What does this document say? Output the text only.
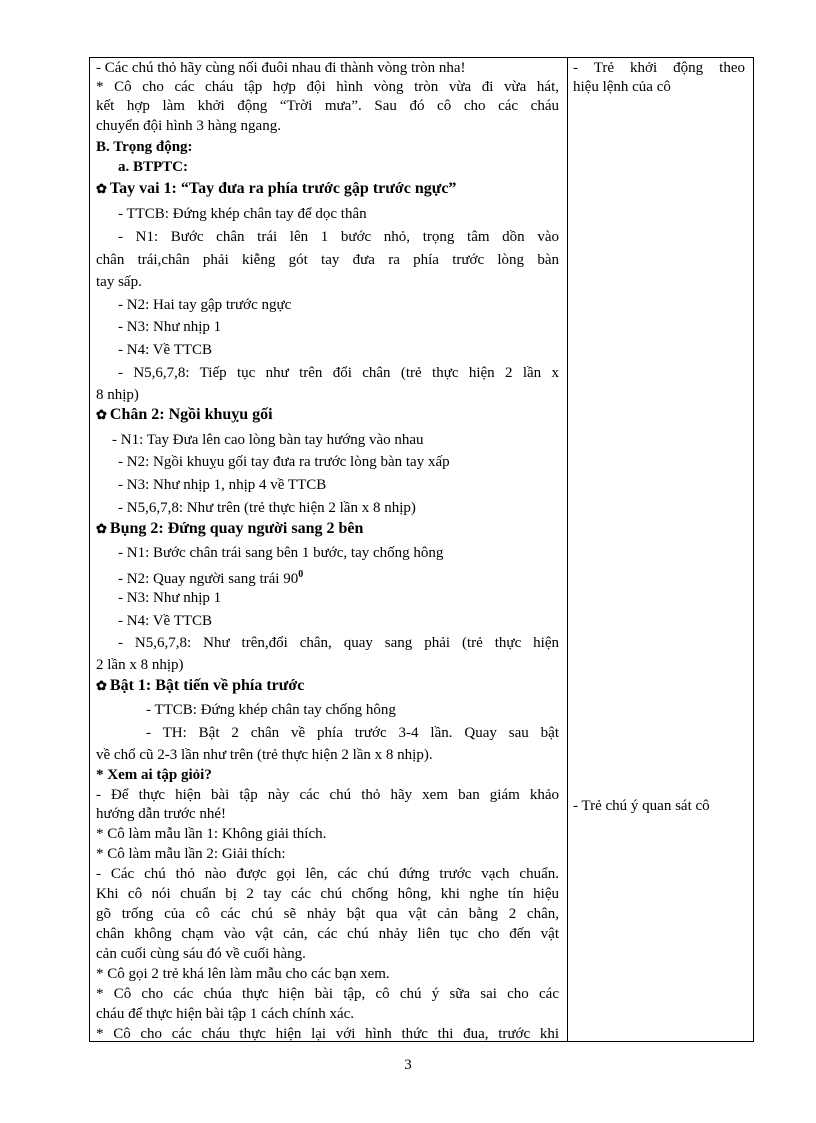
- Các chú thỏ hãy cùng nối đuôi nhau đi thành vòng tròn nha!
* Cô cho các cháu tập hợp đội hình vòng tròn vừa đi vừa hát,
kết hợp làm khởi động “Trời mưa”. Sau đó cô cho các cháu
chuyển đội hình 3 hàng ngang.
B. Trọng động:
a. BTPTC:
✿ Tay vai 1: “Tay đưa ra phía trước gập trước ngực”
- TTCB: Đứng khép chân tay để dọc thân
- N1: Bước chân trái lên 1 bước nhỏ, trọng tâm dồn vào
chân trái,chân phải kiễng gót tay đưa ra phía trước lòng bàn
tay sấp.
- N2: Hai tay gập trước ngực
- N3: Như nhịp 1
- N4: Về TTCB
- N5,6,7,8: Tiếp tục như trên đổi chân (trẻ thực hiện 2 lần x
8 nhịp)
✿ Chân 2: Ngồi khuỵu gối
- N1: Tay Đưa lên cao lòng bàn tay hướng vào nhau
- N2: Ngồi khuỵu gối tay đưa ra trước lòng bàn tay xấp
- N3: Như nhịp 1, nhịp 4 về TTCB
- N5,6,7,8: Như trên (trẻ thực hiện 2 lần x 8 nhịp)
✿ Bụng 2: Đứng quay người sang 2 bên
- N1: Bước chân trái sang bên 1 bước, tay chống hông
- N2: Quay người sang trái $90^0$
- N3: Như nhịp 1
- N4: Về TTCB
- N5,6,7,8: Như trên,đổi chân, quay sang phải (trẻ thực hiện
2 lần x 8 nhịp)
✿ Bật 1: Bật tiến về phía trước
- TTCB: Đứng khép chân tay chống hông
- TH: Bật 2 chân về phía trước 3-4 lần. Quay sau bật
về chổ cũ 2-3 lần như trên (trẻ thực hiện 2 lần x 8 nhịp).
* Xem ai tập giỏi?
- Để thực hiện bài tập này các chú thỏ hãy xem ban giám khảo
hướng dẫn trước nhé!
* Cô làm mẫu lần 1: Không giải thích.
* Cô làm mẫu lần 2: Giải thích:
- Các chú thỏ nào được gọi lên, các chú đứng trước vạch chuẩn.
Khi cô nói chuẩn bị 2 tay các chú chống hông, khi nghe tín hiệu
gõ trống của cô các chú sẽ nhảy bật qua vật cản bằng 2 chân,
chân không chạm vào vật cản, các chú nhảy liên tục cho đến vật
cản cuối cùng sáu đó về cuối hàng.
* Cô gọi 2 trẻ khá lên làm mẫu cho các bạn xem.
* Cô cho các chúa thực hiện bài tập, cô chú ý sữa sai cho các
cháu để thực hiện bài tập 1 cách chính xác.
* Cô cho các cháu thực hiện lại với hình thức thi đua, trước khi
- Trẻ khởi động theo
hiệu lệnh của cô
- Trẻ chú ý quan sát cô
3
